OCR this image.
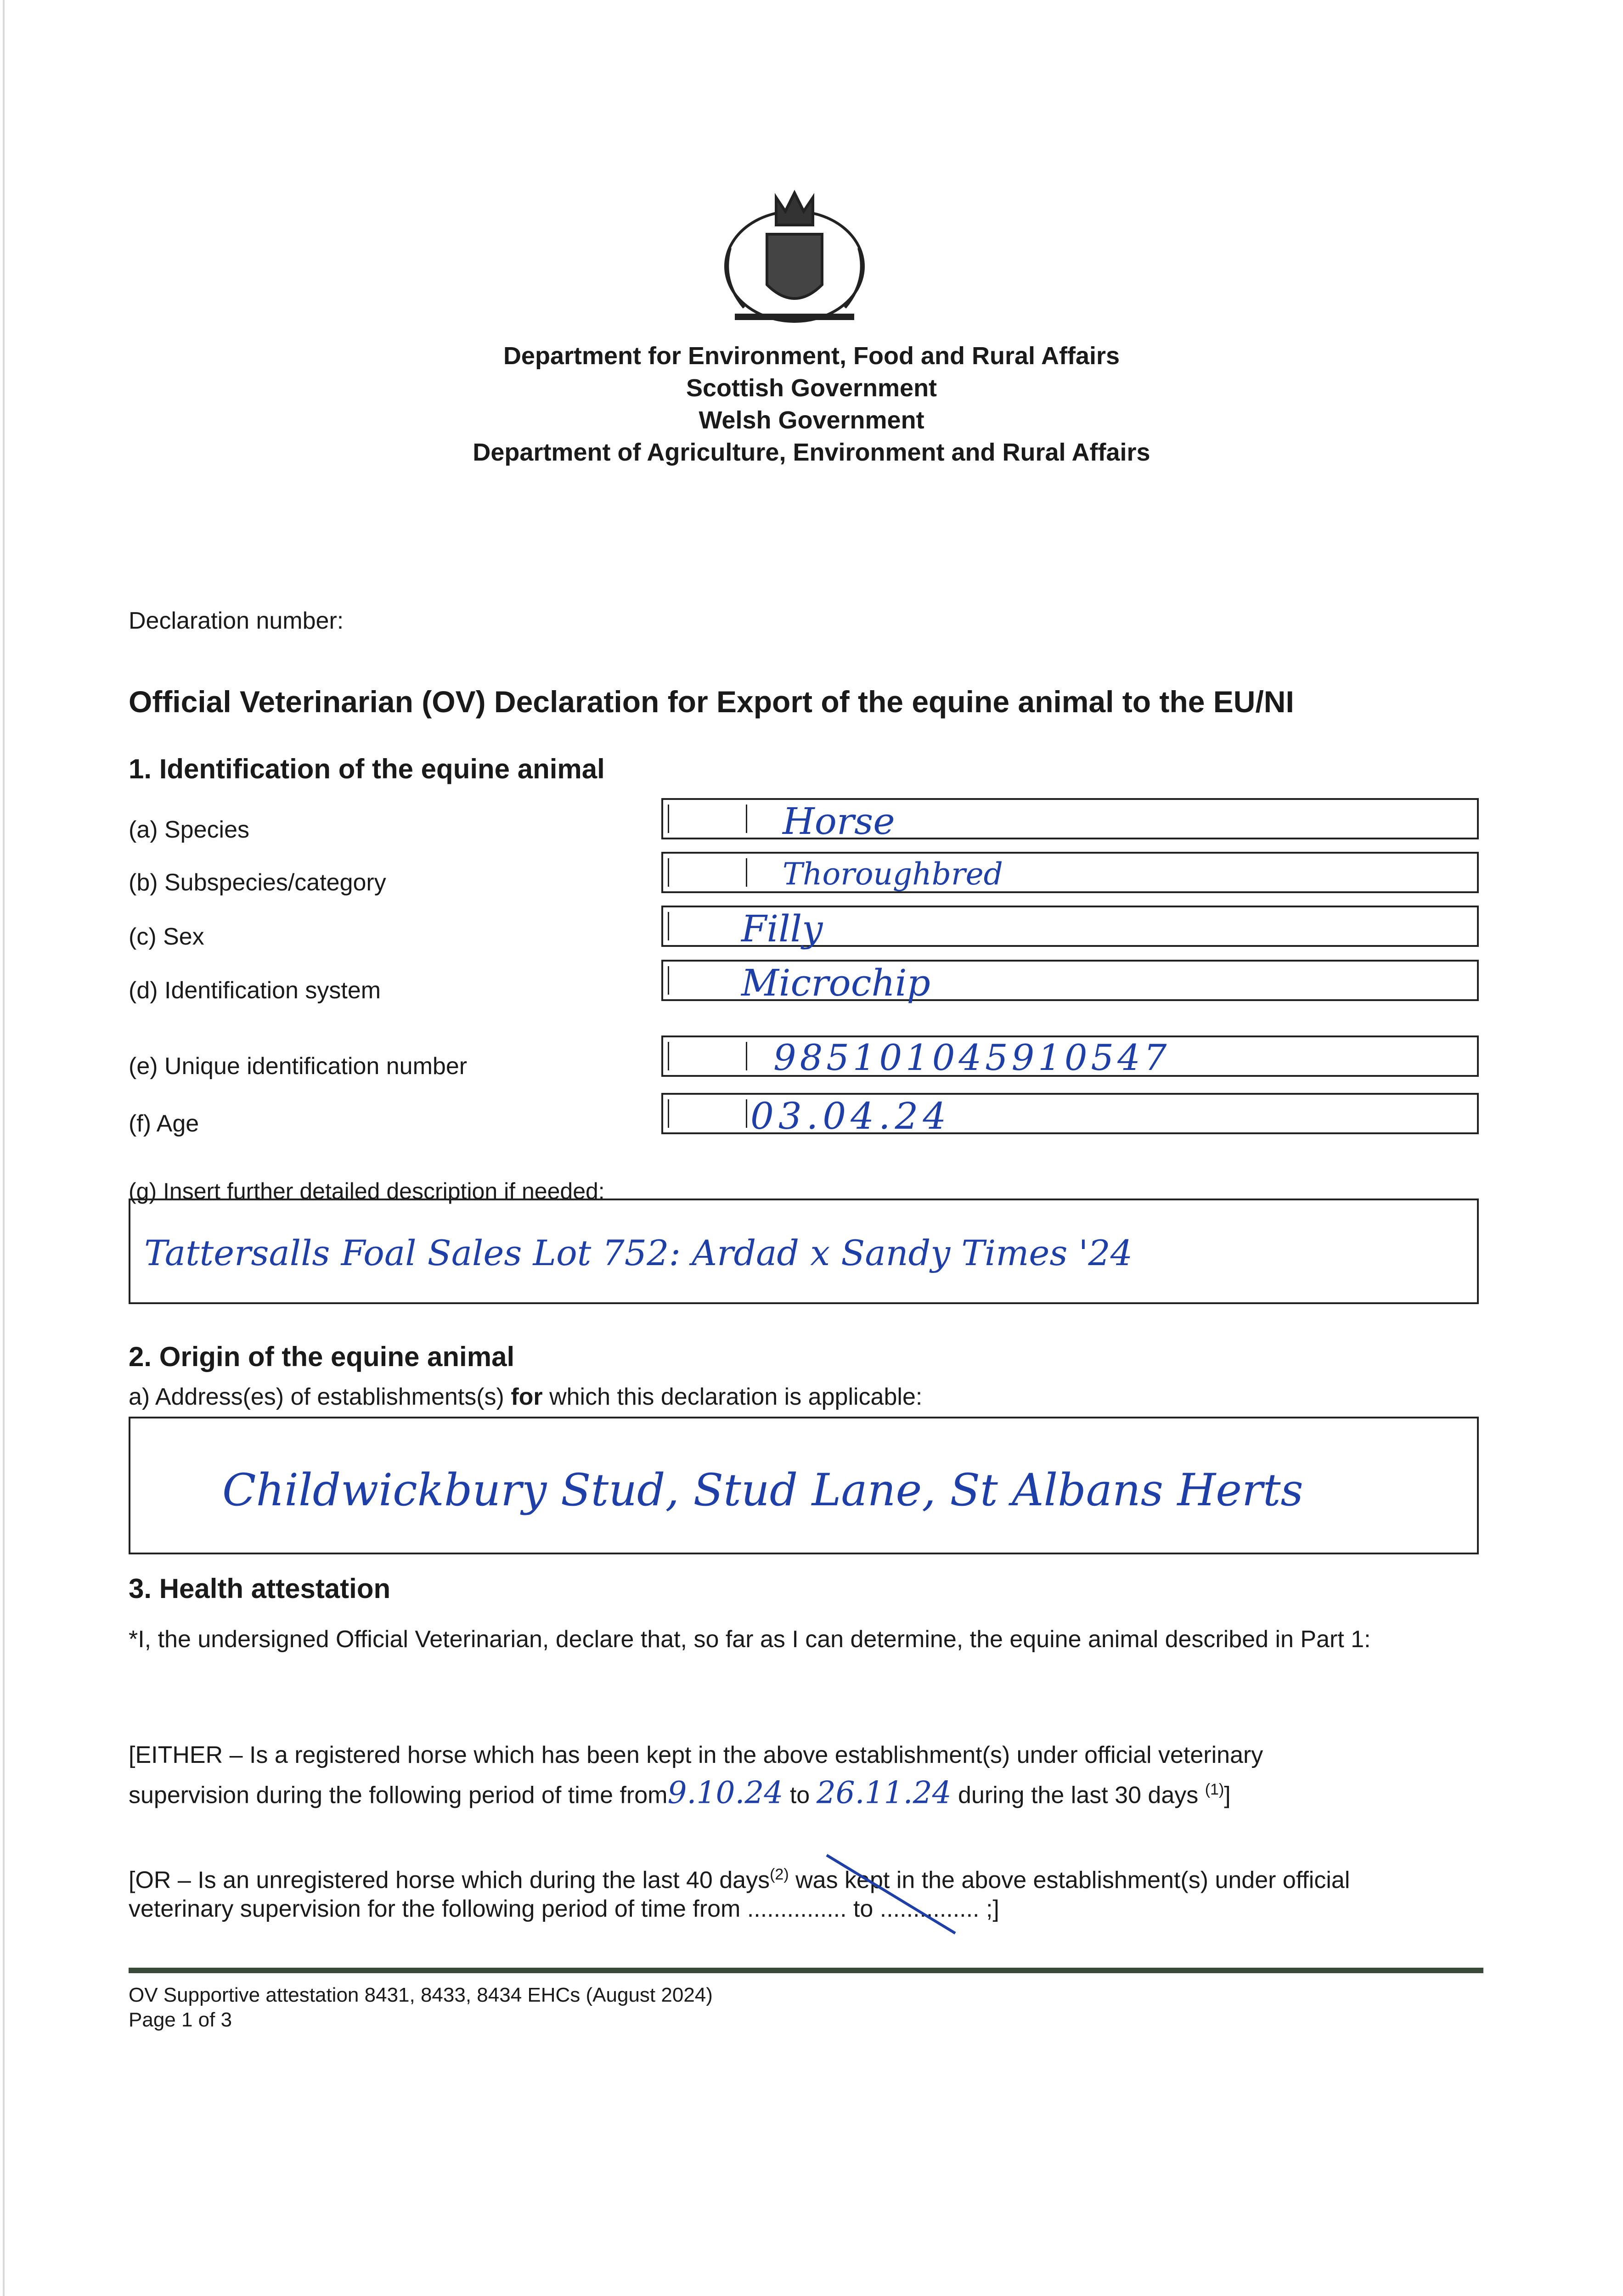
Department for Environment, Food and Rural Affairs
Scottish Government
Welsh Government
Department of Agriculture, Environment and Rural Affairs
Declaration number:
Official Veterinarian (OV) Declaration for Export of the equine animal to the EU/NI
1. Identification of the equine animal
(a) Species	Horse
(b) Subspecies/category	Thoroughbred
(c) Sex	Filly
(d) Identification system	Microchip
(e) Unique identification number	985101045910547
(f) Age	03.04.24
(g) Insert further detailed description if needed:
Tattersalls Foal Sales Lot 752: Ardad x Sandy Times '24
2. Origin of the equine animal
a) Address(es) of establishments(s) for which this declaration is applicable:
Childwickbury Stud, Stud Lane, St Albans Herts
3. Health attestation
*I, the undersigned Official Veterinarian, declare that, so far as I can determine, the equine animal described in Part 1:
[EITHER – Is a registered horse which has been kept in the above establishment(s) under official veterinary
supervision during the following period of time from9.10.24 to 26.11.24 during the last 30 days $^{(1)}$]
[OR – Is an unregistered horse which during the last 40 days$^{(2)}$ was kept in the above establishment(s) under official
veterinary supervision for the following period of time from ............... to ............... ;]
OV Supportive attestation 8431, 8433, 8434 EHCs (August 2024)
Page 1 of 3
